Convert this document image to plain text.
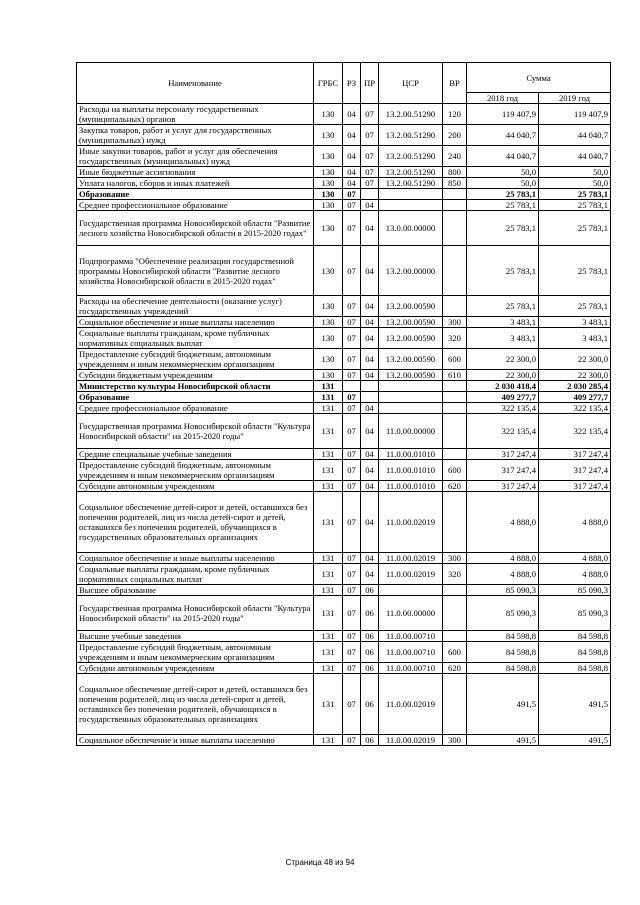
Наименование	ГРБС	РЗ	ПР	ЦСР	ВР	Сумма	
						2018 год	2019 год
Расходы на выплаты персоналу государственных (муниципальных) органов	130	04	07	13.2.00.51290	120	119 407,9	119 407,9
Закупка товаров, работ и услуг для государственных (муниципальных) нужд	130	04	07	13.2.00.51290	200	44 040,7	44 040,7
Иные закупки товаров, работ и услуг для обеспечения государственных (муниципальных) нужд	130	04	07	13.2.00.51290	240	44 040,7	44 040,7
Иные бюджетные ассигнования	130	04	07	13.2.00.51290	800	50,0	50,0
Уплата налогов, сборов и иных платежей	130	04	07	13.2.00.51290	850	50,0	50,0
Образование	130	07				25 783,1	25 783,1
Среднее профессиональное образование	130	07	04			25 783,1	25 783,1
Государственная программа Новосибирской области "Развитие лесного хозяйства Новосибирской области в 2015-2020 годах"	130	07	04	13.0.00.00000		25 783,1	25 783,1
Подпрограмма "Обеспечение реализации государственной программы Новосибирской области "Развитие лесного хозяйства Новосибирской области в 2015-2020 годах"	130	07	04	13.2.00.00000		25 783,1	25 783,1
Расходы на обеспечение деятельности (оказание услуг) государственных учреждений	130	07	04	13.2.00.00590		25 783,1	25 783,1
Социальное обеспечение и иные выплаты населению	130	07	04	13.2.00.00590	300	3 483,1	3 483,1
Социальные выплаты гражданам, кроме публичных нормативных социальных выплат	130	07	04	13.2.00.00590	320	3 483,1	3 483,1
Предоставление субсидий бюджетным, автономным учреждениям и иным некоммерческим организациям	130	07	04	13.2.00.00590	600	22 300,0	22 300,0
Субсидии бюджетным учреждениям	130	07	04	13.2.00.00590	610	22 300,0	22 300,0
Министерство культуры Новосибирской области	131					2 030 418,4	2 030 285,4
Образование	131	07				409 277,7	409 277,7
Среднее профессиональное образование	131	07	04			322 135,4	322 135,4
Государственная программа Новосибирской области "Культура Новосибирской области" на 2015-2020 годы"	131	07	04	11.0.00.00000		322 135,4	322 135,4
Средние специальные учебные заведения	131	07	04	11.0.00.01010		317 247,4	317 247,4
Предоставление субсидий бюджетным, автономным учреждениям и иным некоммерческим организациям	131	07	04	11.0.00.01010	600	317 247,4	317 247,4
Субсидии автономным учреждениям	131	07	04	11.0.00.01010	620	317 247,4	317 247,4
Социальное обеспечение детей-сирот и детей, оставшихся без попечения родителей, лиц из числа детей-сирот и детей, оставшихся без попечения родителей, обучающихся в государственных образовательных организациях	131	07	04	11.0.00.02019		4 888,0	4 888,0
Социальное обеспечение и иные выплаты населению	131	07	04	11.0.00.02019	300	4 888,0	4 888,0
Социальные выплаты гражданам, кроме публичных нормативных социальных выплат	131	07	04	11.0.00.02019	320	4 888,0	4 888,0
Высшее образование	131	07	06			85 090,3	85 090,3
Государственная программа Новосибирской области "Культура Новосибирской области" на 2015-2020 годы"	131	07	06	11.0.00.00000		85 090,3	85 090,3
Высшие учебные заведения	131	07	06	11.0.00.00710		84 598,8	84 598,8
Предоставление субсидий бюджетным, автономным учреждениям и иным некоммерческим организациям	131	07	06	11.0.00.00710	600	84 598,8	84 598,8
Субсидии автономным учреждениям	131	07	06	11.0.00.00710	620	84 598,8	84 598,8
Социальное обеспечение детей-сирот и детей, оставшихся без попечения родителей, лиц из числа детей-сирот и детей, оставшихся без попечения родителей, обучающихся в государственных образовательных организациях	131	07	06	11.0.00.02019		491,5	491,5
Социальное обеспечение и иные выплаты населению	131	07	06	11.0.00.02019	300	491,5	491,5
Страница 48 из 94
